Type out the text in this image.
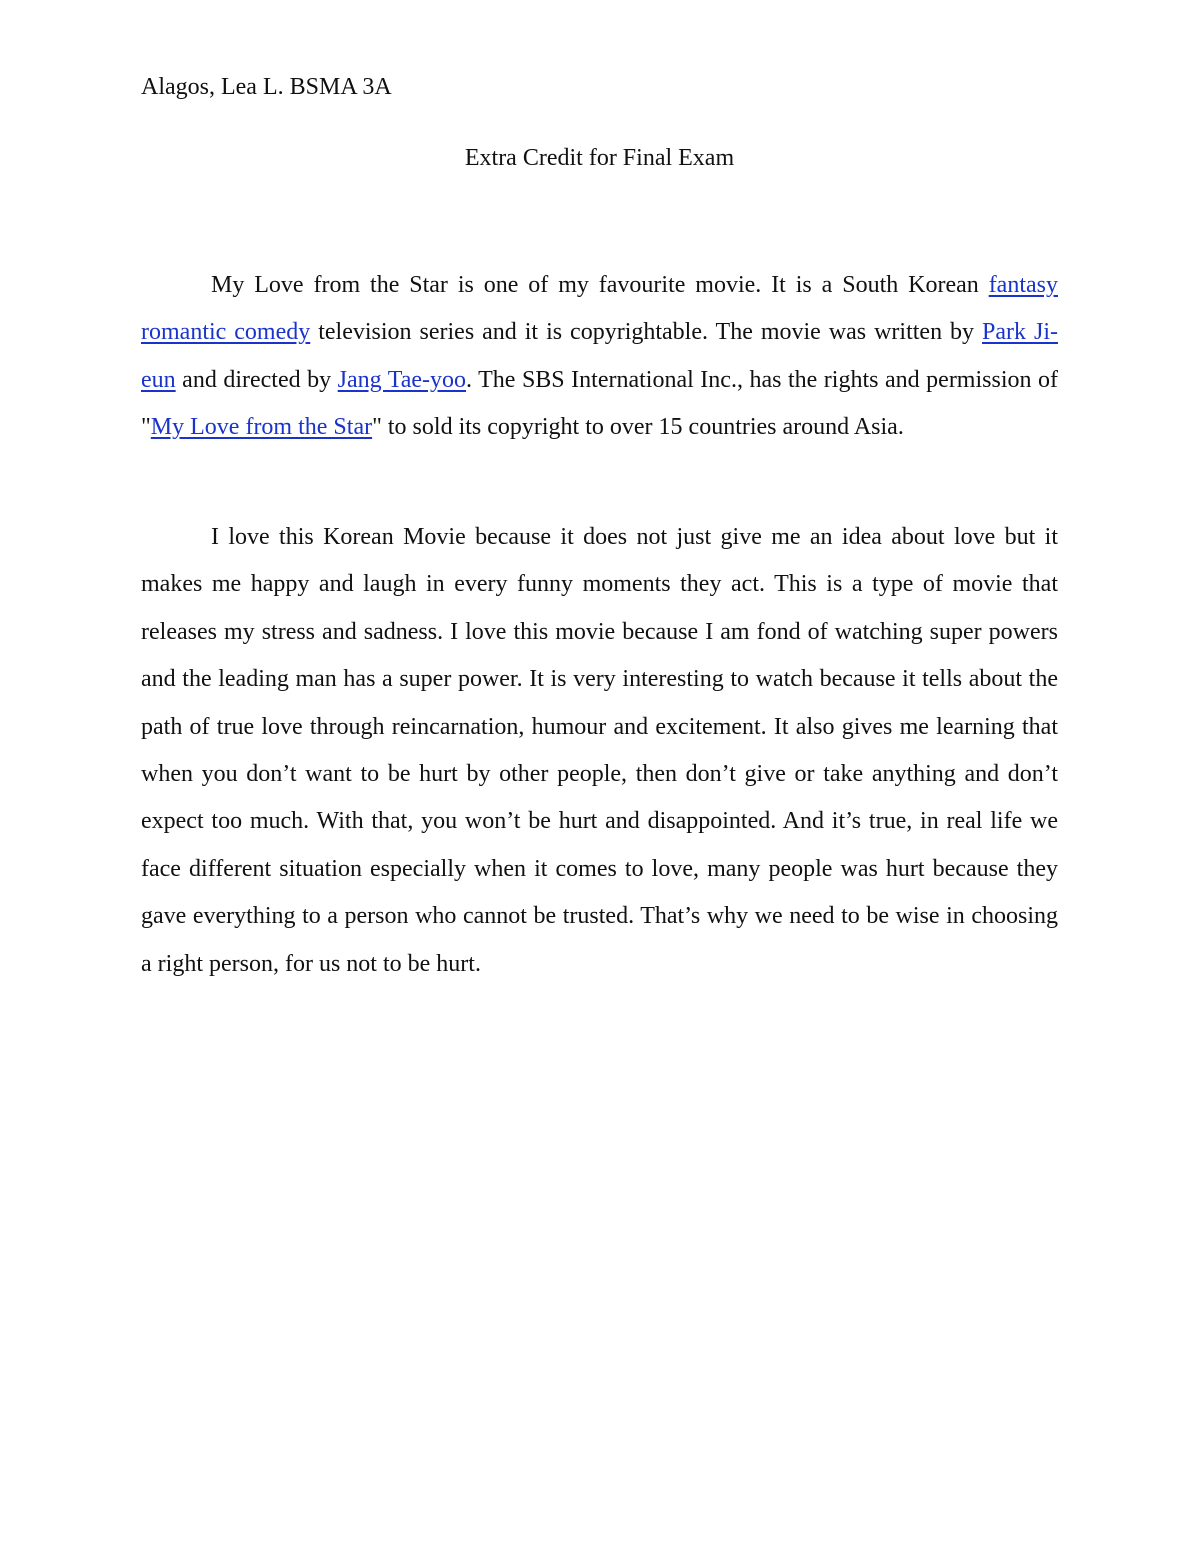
Alagos, Lea L. BSMA 3A
Extra Credit for Final Exam

My Love from the Star is one of my favourite movie. It is a South Korean fantasy romantic comedy television series and it is copyrightable. The movie was written by Park Ji-eun and directed by Jang Tae-yoo. The SBS International Inc., has the rights and permission of "My Love from the Star" to sold its copyright to over 15 countries around Asia.

I love this Korean Movie because it does not just give me an idea about love but it makes me happy and laugh in every funny moments they act. This is a type of movie that releases my stress and sadness. I love this movie because I am fond of watching super powers and the leading man has a super power. It is very interesting to watch because it tells about the path of true love through reincarnation, humour and excitement. It also gives me learning that when you don’t want to be hurt by other people, then don’t give or take anything and don’t expect too much. With that, you won’t be hurt and disappointed. And it’s true, in real life we face different situation especially when it comes to love, many people was hurt because they gave everything to a person who cannot be trusted. That’s why we need to be wise in choosing a right person, for us not to be hurt.
